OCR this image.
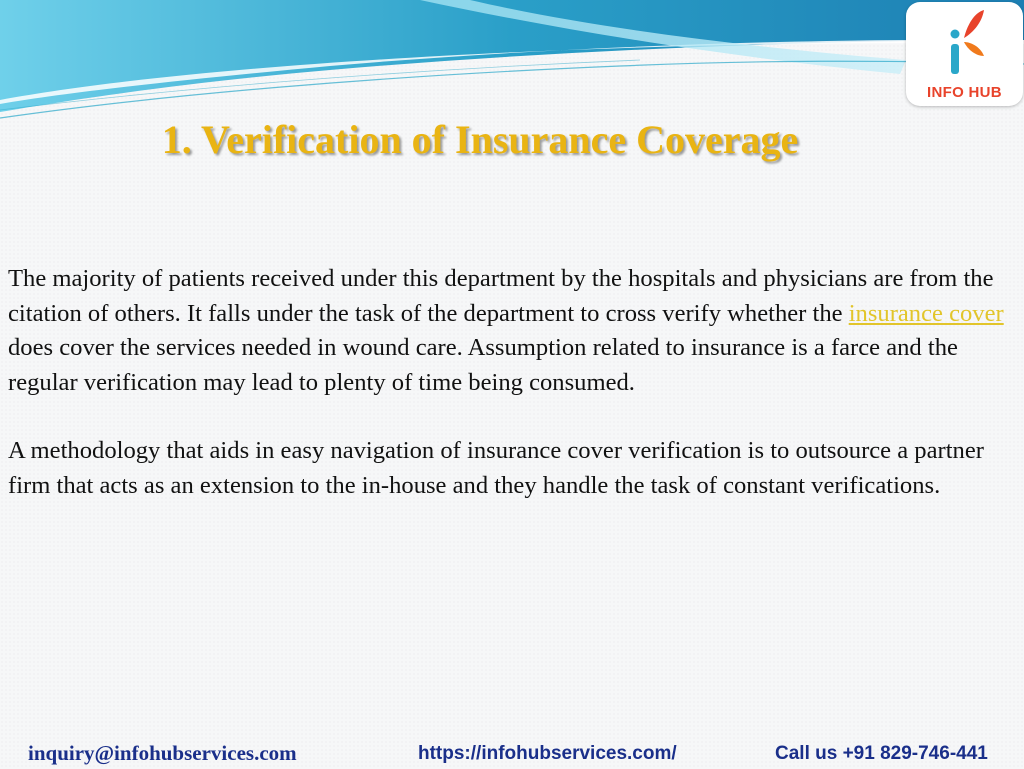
INFO HUB
1. Verification of Insurance Coverage

The majority of patients received under this department by the hospitals and physicians are from the citation of others. It falls under the task of the department to cross verify whether the insurance cover does cover the services needed in wound care. Assumption related to insurance is a farce and the regular verification may lead to plenty of time being consumed.

A methodology that aids in easy navigation of insurance cover verification is to outsource a partner firm that acts as an extension to the in-house and they handle the task of constant verifications.

inquiry@infohubservices.com	https://infohubservices.com/	Call us +91 829-746-441
